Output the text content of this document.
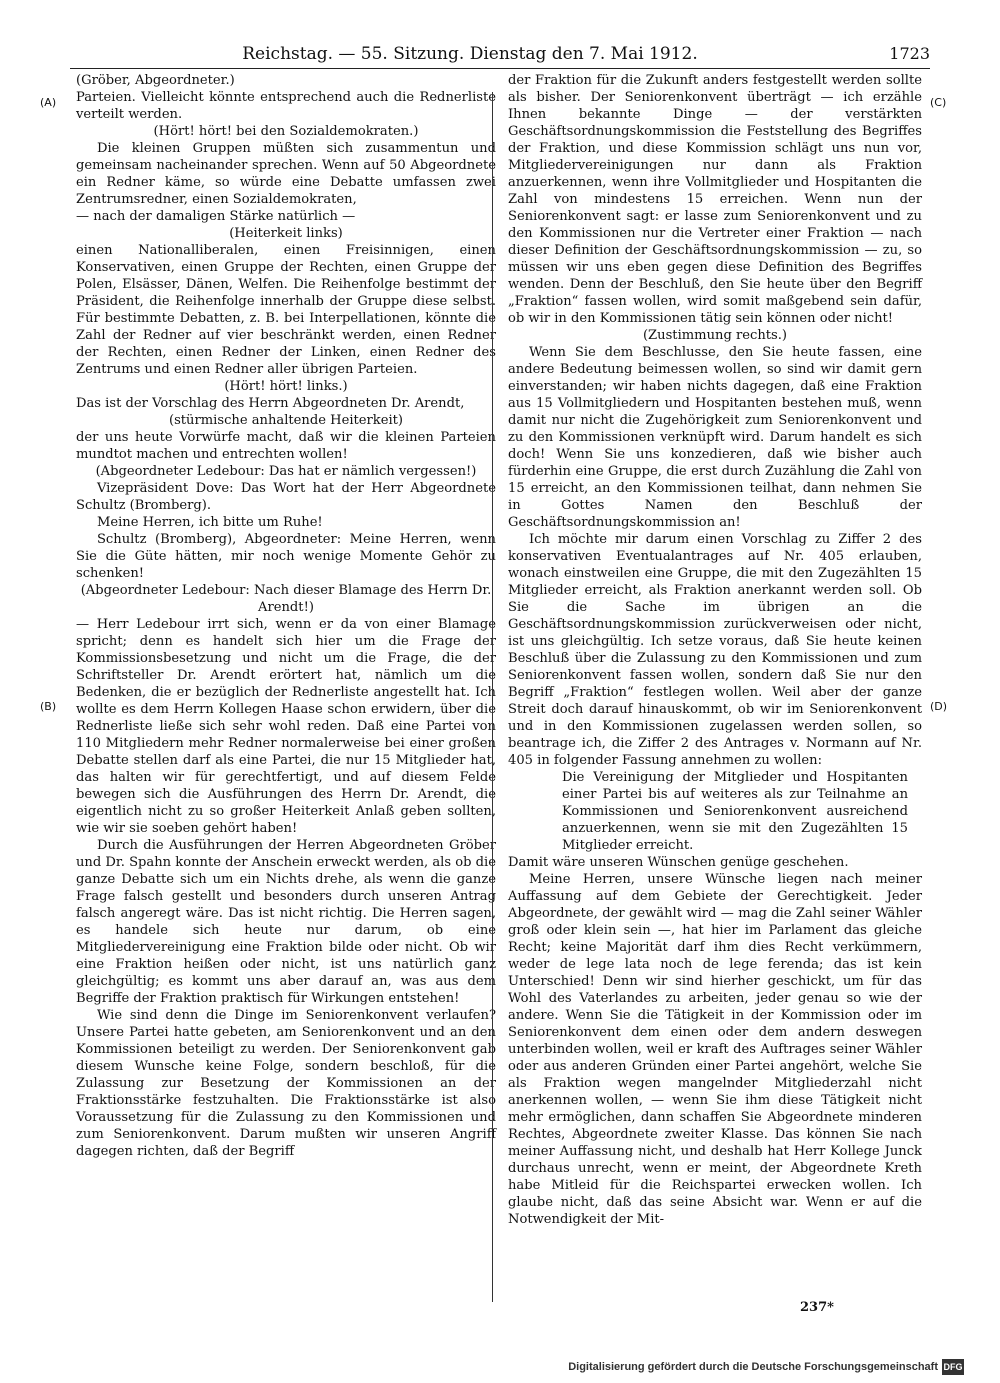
Reichstag. — 55. Sitzung. Dienstag den 7. Mai 1912.	1723
(A)
(B)
(C)
(D)

(Gröber, Abgeordneter.)

Parteien. Vielleicht könnte entsprechend auch die Rednerliste verteilt werden.

(Hört! hört! bei den Sozialdemokraten.)

Die kleinen Gruppen müßten sich zusammentun und gemeinsam nacheinander sprechen. Wenn auf 50 Abgeordnete ein Redner käme, so würde eine Debatte umfassen zwei Zentrumsredner, einen Sozialdemokraten,

— nach der damaligen Stärke natürlich —

(Heiterkeit links)

einen Nationalliberalen, einen Freisinnigen, einen Konservativen, einen Gruppe der Rechten, einen Gruppe der Polen, Elsässer, Dänen, Welfen. Die Reihenfolge bestimmt der Präsident, die Reihenfolge innerhalb der Gruppe diese selbst. Für bestimmte Debatten, z. B. bei Interpellationen, könnte die Zahl der Redner auf vier beschränkt werden, einen Redner der Rechten, einen Redner der Linken, einen Redner des Zentrums und einen Redner aller übrigen Parteien.

(Hört! hört! links.)

Das ist der Vorschlag des Herrn Abgeordneten Dr. Arendt,

(stürmische anhaltende Heiterkeit)

der uns heute Vorwürfe macht, daß wir die kleinen Parteien mundtot machen und entrechten wollen!

(Abgeordneter Ledebour: Das hat er nämlich vergessen!)

Vizepräsident Dove: Das Wort hat der Herr Abgeordnete Schultz (Bromberg).

Meine Herren, ich bitte um Ruhe!

Schultz (Bromberg), Abgeordneter: Meine Herren, wenn Sie die Güte hätten, mir noch wenige Momente Gehör zu schenken!

(Abgeordneter Ledebour: Nach dieser Blamage des Herrn Dr. Arendt!)

— Herr Ledebour irrt sich, wenn er da von einer Blamage spricht; denn es handelt sich hier um die Frage der Kommissionsbesetzung und nicht um die Frage, die der Schriftsteller Dr. Arendt erörtert hat, nämlich um die Bedenken, die er bezüglich der Rednerliste angestellt hat. Ich wollte es dem Herrn Kollegen Haase schon erwidern, über die Rednerliste ließe sich sehr wohl reden. Daß eine Partei von 110 Mitgliedern mehr Redner normalerweise bei einer großen Debatte stellen darf als eine Partei, die nur 15 Mitglieder hat, das halten wir für gerechtfertigt, und auf diesem Felde bewegen sich die Ausführungen des Herrn Dr. Arendt, die eigentlich nicht zu so großer Heiterkeit Anlaß geben sollten, wie wir sie soeben gehört haben!

Durch die Ausführungen der Herren Abgeordneten Gröber und Dr. Spahn konnte der Anschein erweckt werden, als ob die ganze Debatte sich um ein Nichts drehe, als wenn die ganze Frage falsch gestellt und besonders durch unseren Antrag falsch angeregt wäre. Das ist nicht richtig. Die Herren sagen, es handele sich heute nur darum, ob eine Mitgliedervereinigung eine Fraktion bilde oder nicht. Ob wir eine Fraktion heißen oder nicht, ist uns natürlich ganz gleichgültig; es kommt uns aber darauf an, was aus dem Begriffe der Fraktion praktisch für Wirkungen entstehen!

Wie sind denn die Dinge im Seniorenkonvent verlaufen? Unsere Partei hatte gebeten, am Seniorenkonvent und an den Kommissionen beteiligt zu werden. Der Seniorenkonvent gab diesem Wunsche keine Folge, sondern beschloß, für die Zulassung zur Besetzung der Kommissionen an der Fraktionsstärke festzuhalten. Die Fraktionsstärke ist also Voraussetzung für die Zulassung zu den Kommissionen und zum Seniorenkonvent. Darum mußten wir unseren Angriff dagegen richten, daß der Begriff

der Fraktion für die Zukunft anders festgestellt werden sollte als bisher. Der Seniorenkonvent überträgt — ich erzähle Ihnen bekannte Dinge — der verstärkten Geschäftsordnungskommission die Feststellung des Begriffes der Fraktion, und diese Kommission schlägt uns nun vor, Mitgliedervereinigungen nur dann als Fraktion anzuerkennen, wenn ihre Vollmitglieder und Hospitanten die Zahl von mindestens 15 erreichen. Wenn nun der Seniorenkonvent sagt: er lasse zum Seniorenkonvent und zu den Kommissionen nur die Vertreter einer Fraktion — nach dieser Definition der Geschäftsordnungskommission — zu, so müssen wir uns eben gegen diese Definition des Begriffes wenden. Denn der Beschluß, den Sie heute über den Begriff „Fraktion“ fassen wollen, wird somit maßgebend sein dafür, ob wir in den Kommissionen tätig sein können oder nicht!

(Zustimmung rechts.)

Wenn Sie dem Beschlusse, den Sie heute fassen, eine andere Bedeutung beimessen wollen, so sind wir damit gern einverstanden; wir haben nichts dagegen, daß eine Fraktion aus 15 Vollmitgliedern und Hospitanten bestehen muß, wenn damit nur nicht die Zugehörigkeit zum Seniorenkonvent und zu den Kommissionen verknüpft wird. Darum handelt es sich doch! Wenn Sie uns konzedieren, daß wie bisher auch fürderhin eine Gruppe, die erst durch Zuzählung die Zahl von 15 erreicht, an den Kommissionen teilhat, dann nehmen Sie in Gottes Namen den Beschluß der Geschäftsordnungskommission an!

Ich möchte mir darum einen Vorschlag zu Ziffer 2 des konservativen Eventualantrages auf Nr. 405 erlauben, wonach einstweilen eine Gruppe, die mit den Zugezählten 15 Mitglieder erreicht, als Fraktion anerkannt werden soll. Ob Sie die Sache im übrigen an die Geschäftsordnungskommission zurückverweisen oder nicht, ist uns gleichgültig. Ich setze voraus, daß Sie heute keinen Beschluß über die Zulassung zu den Kommissionen und zum Seniorenkonvent fassen wollen, sondern daß Sie nur den Begriff „Fraktion“ festlegen wollen. Weil aber der ganze Streit doch darauf hinauskommt, ob wir im Seniorenkonvent und in den Kommissionen zugelassen werden sollen, so beantrage ich, die Ziffer 2 des Antrages v. Normann auf Nr. 405 in folgender Fassung annehmen zu wollen:

Die Vereinigung der Mitglieder und Hospitanten einer Partei bis auf weiteres als zur Teilnahme an Kommissionen und Seniorenkonvent ausreichend anzuerkennen, wenn sie mit den Zugezählten 15 Mitglieder erreicht.

Damit wäre unseren Wünschen genüge geschehen.

Meine Herren, unsere Wünsche liegen nach meiner Auffassung auf dem Gebiete der Gerechtigkeit. Jeder Abgeordnete, der gewählt wird — mag die Zahl seiner Wähler groß oder klein sein —, hat hier im Parlament das gleiche Recht; keine Majorität darf ihm dies Recht verkümmern, weder de lege lata noch de lege ferenda; das ist kein Unterschied! Denn wir sind hierher geschickt, um für das Wohl des Vaterlandes zu arbeiten, jeder genau so wie der andere. Wenn Sie die Tätigkeit in der Kommission oder im Seniorenkonvent dem einen oder dem andern deswegen unterbinden wollen, weil er kraft des Auftrages seiner Wähler oder aus anderen Gründen einer Partei angehört, welche Sie als Fraktion wegen mangelnder Mitgliederzahl nicht anerkennen wollen, — wenn Sie ihm diese Tätigkeit nicht mehr ermöglichen, dann schaffen Sie Abgeordnete minderen Rechtes, Abgeordnete zweiter Klasse. Das können Sie nach meiner Auffassung nicht, und deshalb hat Herr Kollege Junck durchaus unrecht, wenn er meint, der Abgeordnete Kreth habe Mitleid für die Reichspartei erwecken wollen. Ich glaube nicht, daß das seine Absicht war. Wenn er auf die Notwendigkeit der Mit-

237*
Digitalisierung gefördert durch die Deutsche Forschungsgemeinschaft DFG
